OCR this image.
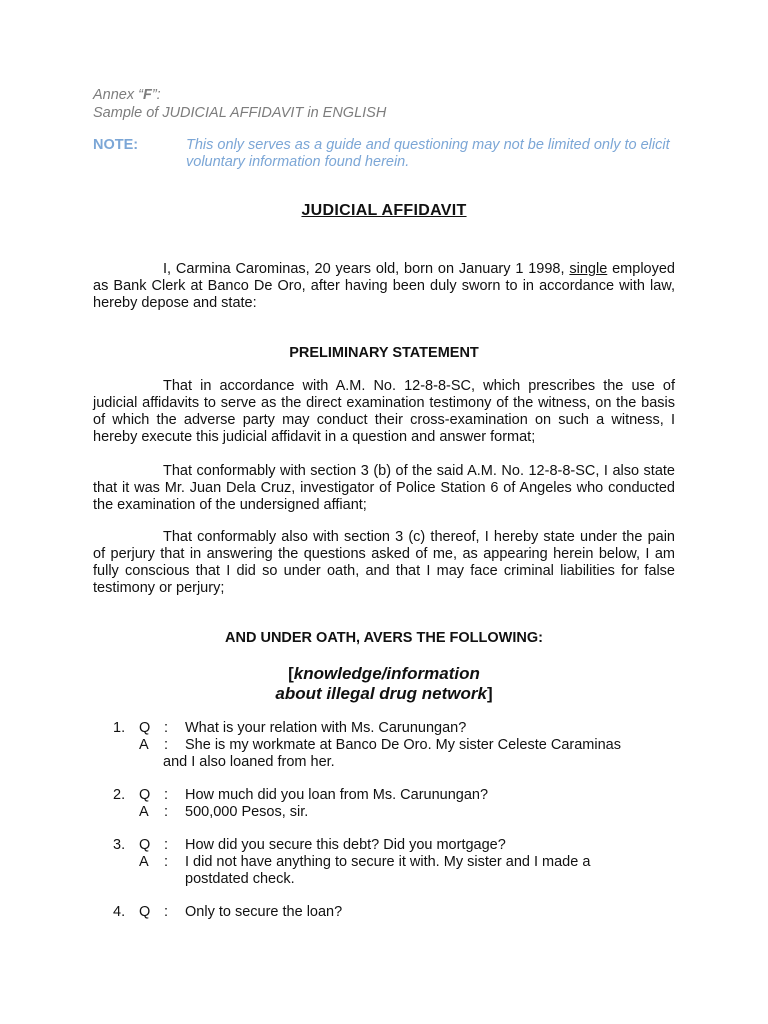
Annex “F”:
Sample of JUDICIAL AFFIDAVIT in ENGLISH
NOTE:	This only serves as a guide and questioning may not be limited only to elicit voluntary information found herein.
JUDICIAL AFFIDAVIT
I, Carmina Carominas, 20 years old, born on January 1 1998, single employed as Bank Clerk at Banco De Oro, after having been duly sworn to in accordance with law, hereby depose and state:
PRELIMINARY STATEMENT
That in accordance with A.M. No. 12-8-8-SC, which prescribes the use of judicial affidavits to serve as the direct examination testimony of the witness, on the basis of which the adverse party may conduct their cross-examination on such a witness, I hereby execute this judicial affidavit in a question and answer format;
That conformably with section 3 (b) of the said A.M. No. 12-8-8-SC, I also state that it was Mr. Juan Dela Cruz, investigator of Police Station 6 of Angeles who conducted the examination of the undersigned affiant;
That conformably also with section 3 (c) thereof, I hereby state under the pain of perjury that in answering the questions asked of me, as appearing herein below, I am fully conscious that I did so under oath, and that I may face criminal liabilities for false testimony or perjury;
AND UNDER OATH, AVERS THE FOLLOWING:
[knowledge/information
about illegal drug network]
1. Q : What is your relation with Ms. Carunungan?
A : She is my workmate at Banco De Oro. My sister Celeste Caraminas
and I also loaned from her.
2. Q : How much did you loan from Ms. Carunungan?
A : 500,000 Pesos, sir.
3. Q : How did you secure this debt? Did you mortgage?
A : I did not have anything to secure it with. My sister and I made a
postdated check.
4. Q : Only to secure the loan?
